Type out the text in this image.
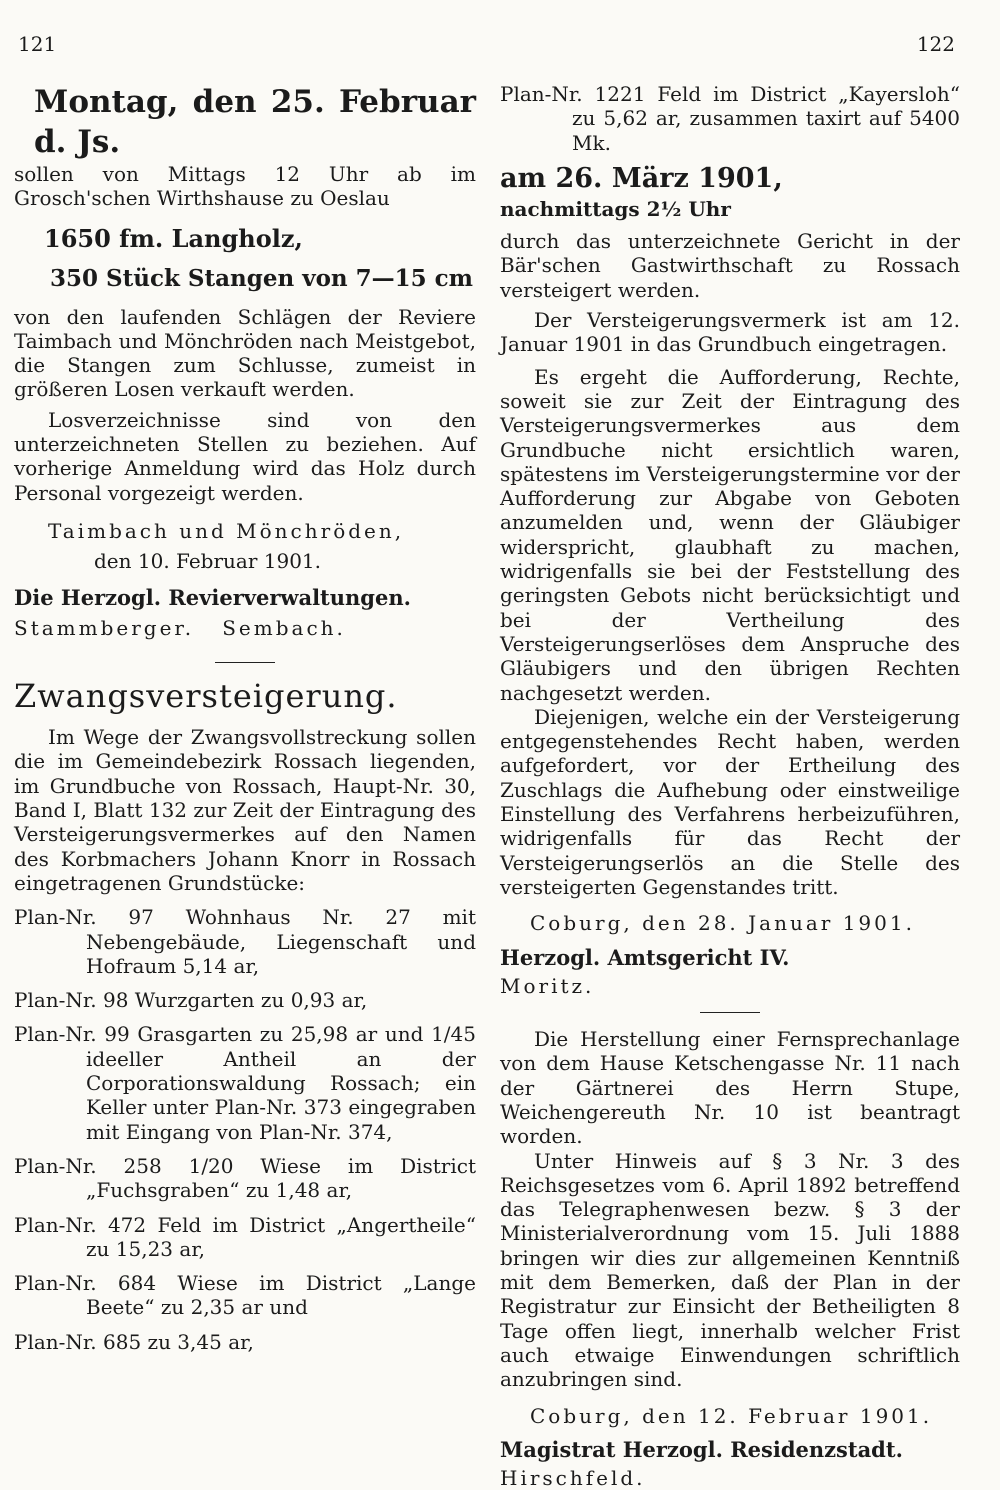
121	122

Montag, den 25. Februar d. Js.

sollen von Mittags 12 Uhr ab im Grosch'schen Wirthshause zu Oeslau

1650 fm. Langholz,

350 Stück Stangen von 7—15 cm

von den laufenden Schlägen der Reviere Taimbach und Mönchröden nach Meistgebot, die Stangen zum Schlusse, zumeist in größeren Losen verkauft werden.

Losverzeichnisse sind von den unterzeichneten Stellen zu beziehen. Auf vorherige Anmeldung wird das Holz durch Personal vorgezeigt werden.

Taimbach und Mönchröden,

den 10. Februar 1901.

Die Herzogl. Revierverwaltungen.

Stammberger.   Sembach.

Zwangsversteigerung.

Im Wege der Zwangsvollstreckung sollen die im Gemeindebezirk Rossach liegenden, im Grundbuche von Rossach, Haupt-Nr. 30, Band I, Blatt 132 zur Zeit der Eintragung des Versteigerungsvermerkes auf den Namen des Korbmachers Johann Knorr in Rossach eingetragenen Grundstücke:

Plan-Nr. 97 Wohnhaus Nr. 27 mit Nebengebäude, Liegenschaft und Hofraum 5,14 ar,

Plan-Nr. 98 Wurzgarten zu 0,93 ar,

Plan-Nr. 99 Grasgarten zu 25,98 ar und 1/45 ideeller Antheil an der Corporationswaldung Rossach; ein Keller unter Plan-Nr. 373 eingegraben mit Eingang von Plan-Nr. 374,

Plan-Nr. 258 1/20 Wiese im District „Fuchsgraben“ zu 1,48 ar,

Plan-Nr. 472 Feld im District „Angertheile“ zu 15,23 ar,

Plan-Nr. 684 Wiese im District „Lange Beete“ zu 2,35 ar und

Plan-Nr. 685 zu 3,45 ar,

Plan-Nr. 1221 Feld im District „Kayersloh“ zu 5,62 ar, zusammen taxirt auf 5400 Mk.

am 26. März 1901,

nachmittags 2½ Uhr

durch das unterzeichnete Gericht in der Bär'schen Gastwirthschaft zu Rossach versteigert werden.

Der Versteigerungsvermerk ist am 12. Januar 1901 in das Grundbuch eingetragen.

Es ergeht die Aufforderung, Rechte, soweit sie zur Zeit der Eintragung des Versteigerungsvermerkes aus dem Grundbuche nicht ersichtlich waren, spätestens im Versteigerungstermine vor der Aufforderung zur Abgabe von Geboten anzumelden und, wenn der Gläubiger widerspricht, glaubhaft zu machen, widrigenfalls sie bei der Feststellung des geringsten Gebots nicht berücksichtigt und bei der Vertheilung des Versteigerungserlöses dem Anspruche des Gläubigers und den übrigen Rechten nachgesetzt werden.

Diejenigen, welche ein der Versteigerung entgegenstehendes Recht haben, werden aufgefordert, vor der Ertheilung des Zuschlags die Aufhebung oder einstweilige Einstellung des Verfahrens herbeizuführen, widrigenfalls für das Recht der Versteigerungserlös an die Stelle des versteigerten Gegenstandes tritt.

Coburg, den 28. Januar 1901.

Herzogl. Amtsgericht IV.

Moritz.

Die Herstellung einer Fernsprechanlage von dem Hause Ketschengasse Nr. 11 nach der Gärtnerei des Herrn Stupe, Weichengereuth Nr. 10 ist beantragt worden.

Unter Hinweis auf § 3 Nr. 3 des Reichsgesetzes vom 6. April 1892 betreffend das Telegraphenwesen bezw. § 3 der Ministerialverordnung vom 15. Juli 1888 bringen wir dies zur allgemeinen Kenntniß mit dem Bemerken, daß der Plan in der Registratur zur Einsicht der Betheiligten 8 Tage offen liegt, innerhalb welcher Frist auch etwaige Einwendungen schriftlich anzubringen sind.

Coburg, den 12. Februar 1901.

Magistrat Herzogl. Residenzstadt.

Hirschfeld.
